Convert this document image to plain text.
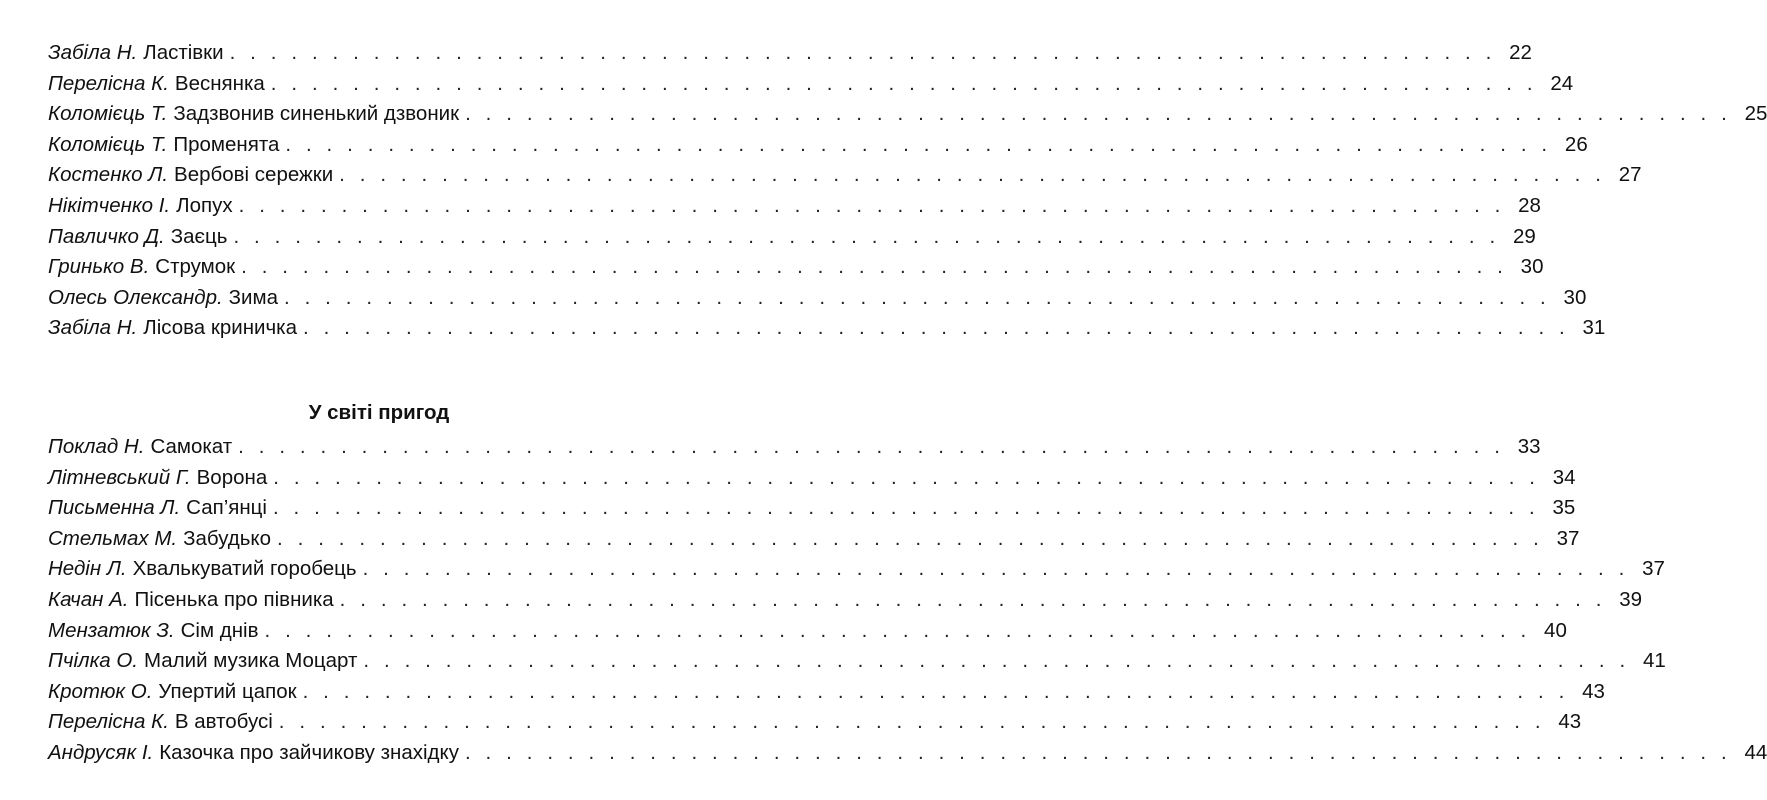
Забіла Н. Ластівки . . . . . . . . . . . . . . . . . . . . . . . . . . . . . . . . . . . . . . . . . . . . . . . . . . . . . . . . . . . . . . 22
Перелісна К. Веснянка . . . . . . . . . . . . . . . . . . . . . . . . . . . . . . . . . . . . . . . . . . . . . . . . . . . . . . . . . . . . . . 24
Коломієць Т. Задзвонив синенький дзвоник . . . . . . . . . . . . . . . . . . . . . . . . . . . . . . . . . . . . . . . . . . . . . . . . . . . . . . . . . . . . . . 25
Коломієць Т. Променята . . . . . . . . . . . . . . . . . . . . . . . . . . . . . . . . . . . . . . . . . . . . . . . . . . . . . . . . . . . . . . 26
Костенко Л. Вербові сережки . . . . . . . . . . . . . . . . . . . . . . . . . . . . . . . . . . . . . . . . . . . . . . . . . . . . . . . . . . . . . . 27
Нікітченко І. Лопух . . . . . . . . . . . . . . . . . . . . . . . . . . . . . . . . . . . . . . . . . . . . . . . . . . . . . . . . . . . . . . 28
Павличко Д. Заєць . . . . . . . . . . . . . . . . . . . . . . . . . . . . . . . . . . . . . . . . . . . . . . . . . . . . . . . . . . . . . . 29
Гринько В. Струмок . . . . . . . . . . . . . . . . . . . . . . . . . . . . . . . . . . . . . . . . . . . . . . . . . . . . . . . . . . . . . . 30
Олесь Олександр. Зима . . . . . . . . . . . . . . . . . . . . . . . . . . . . . . . . . . . . . . . . . . . . . . . . . . . . . . . . . . . . . . 30
Забіла Н. Лісова криничка . . . . . . . . . . . . . . . . . . . . . . . . . . . . . . . . . . . . . . . . . . . . . . . . . . . . . . . . . . . . . . 31
У світі пригод
Поклад Н. Самокат . . . . . . . . . . . . . . . . . . . . . . . . . . . . . . . . . . . . . . . . . . . . . . . . . . . . . . . . . . . . . . 33
Літневський Г. Ворона . . . . . . . . . . . . . . . . . . . . . . . . . . . . . . . . . . . . . . . . . . . . . . . . . . . . . . . . . . . . . . 34
Письменна Л. Сап’янці . . . . . . . . . . . . . . . . . . . . . . . . . . . . . . . . . . . . . . . . . . . . . . . . . . . . . . . . . . . . . . 35
Стельмах М. Забудько . . . . . . . . . . . . . . . . . . . . . . . . . . . . . . . . . . . . . . . . . . . . . . . . . . . . . . . . . . . . . . 37
Недін Л. Хвалькуватий горобець . . . . . . . . . . . . . . . . . . . . . . . . . . . . . . . . . . . . . . . . . . . . . . . . . . . . . . . . . . . . . . 37
Качан А. Пісенька про півника . . . . . . . . . . . . . . . . . . . . . . . . . . . . . . . . . . . . . . . . . . . . . . . . . . . . . . . . . . . . . . 39
Мензатюк З. Сім днів . . . . . . . . . . . . . . . . . . . . . . . . . . . . . . . . . . . . . . . . . . . . . . . . . . . . . . . . . . . . . . 40
Пчілка О. Малий музика Моцарт . . . . . . . . . . . . . . . . . . . . . . . . . . . . . . . . . . . . . . . . . . . . . . . . . . . . . . . . . . . . . . 41
Кротюк О. Упертий цапок . . . . . . . . . . . . . . . . . . . . . . . . . . . . . . . . . . . . . . . . . . . . . . . . . . . . . . . . . . . . . . 43
Перелісна К. В автобусі . . . . . . . . . . . . . . . . . . . . . . . . . . . . . . . . . . . . . . . . . . . . . . . . . . . . . . . . . . . . . . 43
Андрусяк І. Казочка про зайчикову знахідку . . . . . . . . . . . . . . . . . . . . . . . . . . . . . . . . . . . . . . . . . . . . . . . . . . . . . . . . . . . . . . 44
